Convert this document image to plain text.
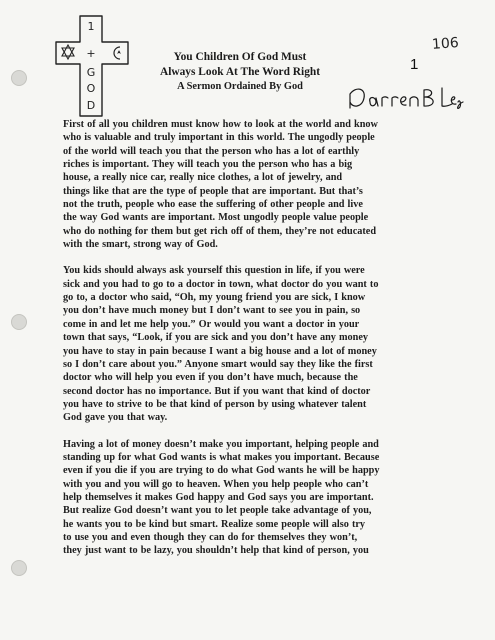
1
+
G
O
D
You Children Of God Must
Always Look At The Word Right
A Sermon Ordained By God
106
1
First of all you children must know how to look at the world and know
who is valuable and truly important in this world. The ungodly people
of the world will teach you that the person who has a lot of earthly
riches is important. They will teach you the person who has a big
house, a really nice car, really nice clothes, a lot of jewelry, and
things like that are the type of people that are important. But that’s
not the truth, people who ease the suffering of other people and live
the way God wants are important. Most ungodly people value people
who do nothing for them but get rich off of them, they’re not educated
with the smart, strong way of God.
You kids should always ask yourself this question in life, if you were
sick and you had to go to a doctor in town, what doctor do you want to
go to, a doctor who said, “Oh, my young friend you are sick, I know
you don’t have much money but I don’t want to see you in pain, so
come in and let me help you.” Or would you want a doctor in your
town that says, “Look, if you are sick and you don’t have any money
you have to stay in pain because I want a big house and a lot of money
so I don’t care about you.” Anyone smart would say they like the first
doctor who will help you even if you don’t have much, because the
second doctor has no importance. But if you want that kind of doctor
you have to strive to be that kind of person by using whatever talent
God gave you that way.
Having a lot of money doesn’t make you important, helping people and
standing up for what God wants is what makes you important. Because
even if you die if you are trying to do what God wants he will be happy
with you and you will go to heaven. When you help people who can’t
help themselves it makes God happy and God says you are important.
But realize God doesn’t want you to let people take advantage of you,
he wants you to be kind but smart. Realize some people will also try
to use you and even though they can do for themselves they won’t,
they just want to be lazy, you shouldn’t help that kind of person, you
